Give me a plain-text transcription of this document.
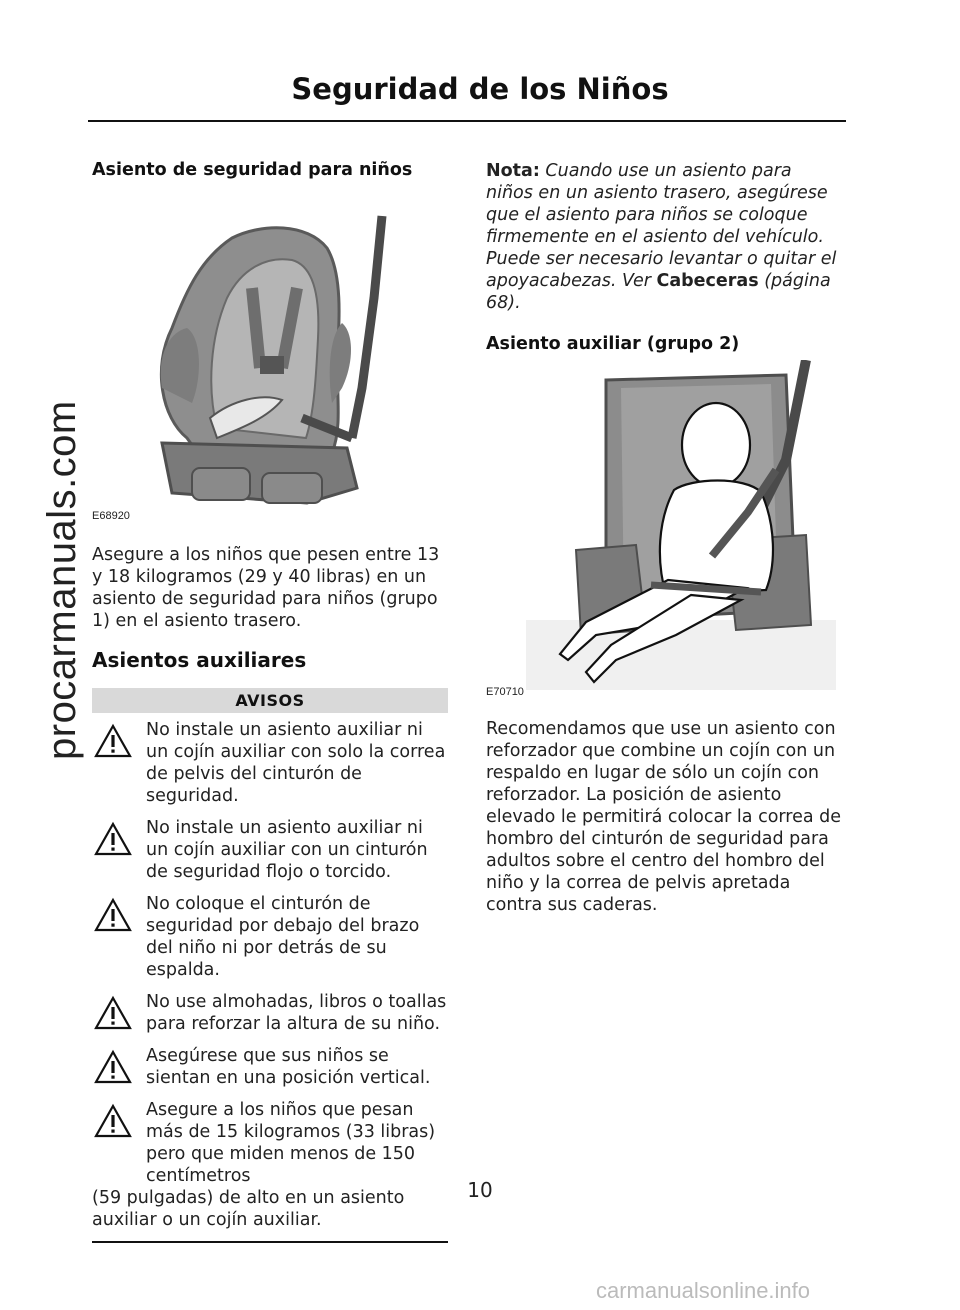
procarmanuals.com
Seguridad de los Niños
Asiento de seguridad para niños
E68920

Asegure a los niños que pesen entre 13 y 18 kilogramos (29 y 40 libras) en un asiento de seguridad para niños (grupo 1) en el asiento trasero.

Asientos auxiliares
AVISOS
No instale un asiento auxiliar ni un cojín auxiliar con solo la correa de pelvis del cinturón de seguridad.
No instale un asiento auxiliar ni un cojín auxiliar con un cinturón de seguridad flojo o torcido.
No coloque el cinturón de seguridad por debajo del brazo del niño ni por detrás de su espalda.
No use almohadas, libros o toallas para reforzar la altura de su niño.
Asegúrese que sus niños se sientan en una posición vertical.
Asegure a los niños que pesan más de 15 kilogramos (33 libras) pero que miden menos de 150 centímetros
(59 pulgadas) de alto en un asiento auxiliar o un cojín auxiliar.

Nota: Cuando use un asiento para niños en un asiento trasero, asegúrese que el asiento para niños se coloque firmemente en el asiento del vehículo. Puede ser necesario levantar o quitar el apoyacabezas. Ver Cabeceras (página 68).

Asiento auxiliar (grupo 2)
E70710

Recomendamos que use un asiento con reforzador que combine un cojín con un respaldo en lugar de sólo un cojín con reforzador. La posición de asiento elevado le permitirá colocar la correa de hombro del cinturón de seguridad para adultos sobre el centro del hombro del niño y la correa de pelvis apretada contra sus caderas.

10
carmanualsonline.info
